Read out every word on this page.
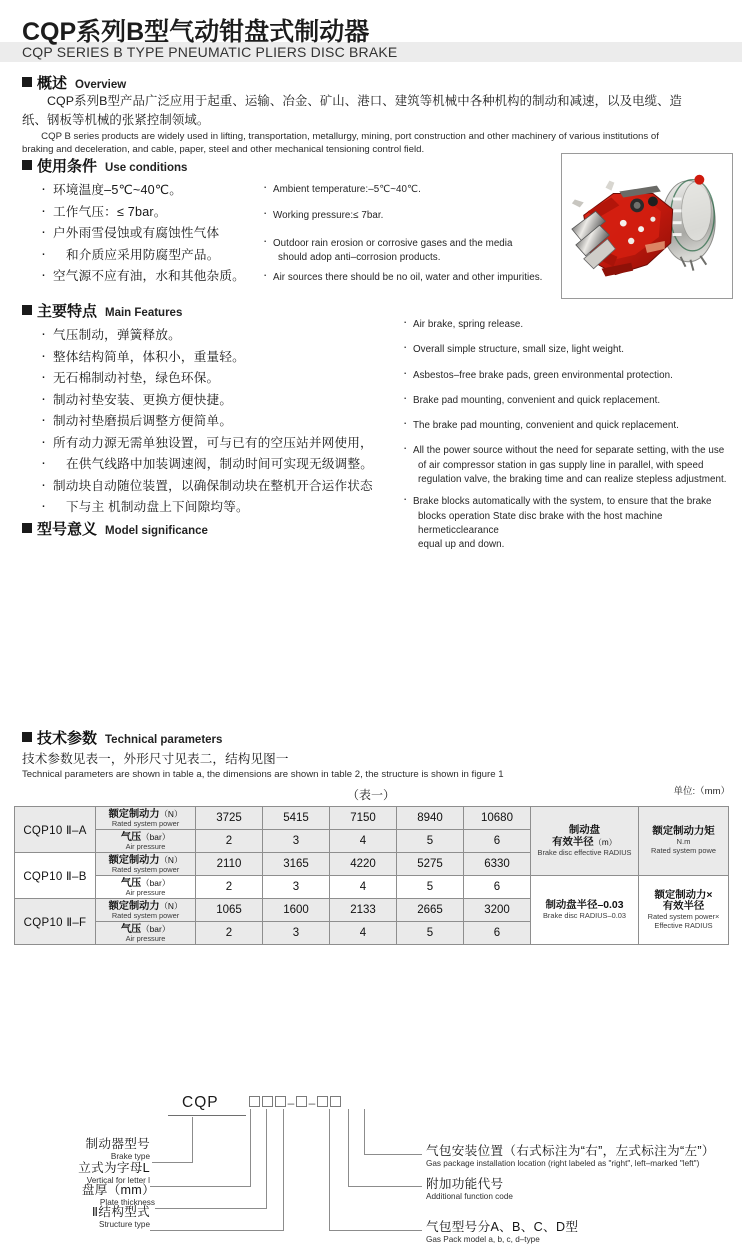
CQP系列B型气动钳盘式制动器
CQP SERIES B TYPE PNEUMATIC PLIERS DISC BRAKE
概述 Overview
　　CQP系列B型产品广泛应用于起重、运输、冶金、矿山、港口、建筑等机械中各种机构的制动和减速，以及电缆、造
纸、钢板等机械的张紧控制领域。
　　CQP B series products are widely used in lifting, transportation, metallurgy, mining, port construction and other machinery of various institutions of
braking and deceleration, and cable, paper, steel and other mechanical tensioning control field.
使用条件 Use conditions
· 环境温度–5℃~40℃。
· 工作气压：≤ 7bar。
· 户外雨雪侵蚀或有腐蚀性气体
· 和介质应采用防腐型产品。
· 空气源不应有油，水和其他杂质。
· Ambient temperature:–5℃~40℃.
· Working pressure:≤ 7bar.
· Outdoor rain erosion or corrosive gases and the media
should adop anti–corrosion products.
· Air sources there should be no oil, water and other impurities.
主要特点 Main Features
· 气压制动，弹簧释放。
· 整体结构简单，体积小，重量轻。
· 无石棉制动衬垫，绿色环保。
· 制动衬垫安装、更换方便快捷。
· 制动衬垫磨损后调整方便简单。
· 所有动力源无需单独设置，可与已有的空压站并网使用，
· 在供气线路中加装调速阀，制动时间可实现无级调整。
· 制动块自动随位装置，以确保制动块在整机开合运作状态
· 下与主 机制动盘上下间隙均等。
· Air brake, spring release.
· Overall simple structure, small size, light weight.
· Asbestos–free brake pads, green environmental protection.
· Brake pad mounting, convenient and quick replacement.
· The brake pad mounting, convenient and quick replacement.
· All the power source without the need for separate setting, with the use
of air compressor station in gas supply line in parallel, with speed
regulation valve, the braking time and can realize stepless adjustment.
· Brake blocks automatically with the system, to ensure that the brake
blocks operation State disc brake with the host machine hermeticclearance
equal up and down.
型号意义 Model significance
CQP	– –
制动器型号
Brake type
立式为字母L
Vertical for letter l
盘厚（mm）
Plate thickness
Ⅱ结构型式
Structure type
气包安装位置（右式标注为“右”，左式标注为“左”）
Gas package installation location (right labeled as "right", left–marked "left")
附加功能代号
Additional function code
气包型号分A、B、C、D型
Gas Pack model a, b, c, d–type
技术参数 Technical parameters
技术参数见表一，外形尺寸见表二，结构见图一
Technical parameters are shown in table a, the dimensions are shown in table 2, the structure is shown in figure 1
（表一）	单位:（mm）
CQP10 Ⅱ–A	额定制动力（N）
Rated system power	3725	5415	7150	8940	10680	制动盘
有效半径（m）
Brake disc effective RADIUS	额定制动力矩
N.m
Rated system powe

	气压（bar）
Air pressure	2	3	4	5	6		
CQP10 Ⅱ–B	额定制动力（N）
Rated system power	2110	3165	4220	5275	6330		

	气压（bar）
Air pressure	2	3	4	5	6	制动盘半径–0.03
Brake disc RADIUS–0.03	额定制动力×
有效半径
Rated system power×
Effective RADIUS

CQP10 Ⅱ–F	额定制动力（N）
Rated system power	1065	1600	2133	2665	3200		

	气压（bar）
Air pressure	2	3	4	5	6		
